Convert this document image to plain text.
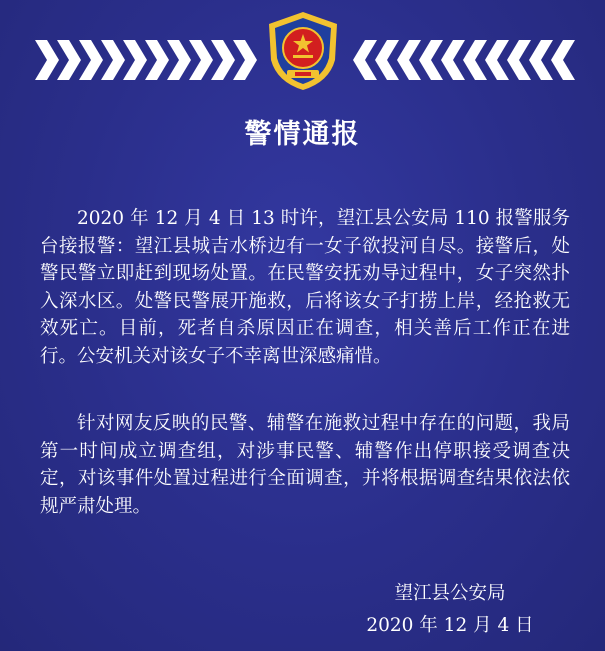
警情通报

2020 年 12 月 4 日 13 时许，望江县公安局 110 报警服务台接报警：望江县城吉水桥边有一女子欲投河自尽。接警后，处警民警立即赶到现场处置。在民警安抚劝导过程中，女子突然扑入深水区。处警民警展开施救，后将该女子打捞上岸，经抢救无效死亡。目前，死者自杀原因正在调查，相关善后工作正在进行。公安机关对该女子不幸离世深感痛惜。

针对网友反映的民警、辅警在施救过程中存在的问题，我局第一时间成立调查组，对涉事民警、辅警作出停职接受调查决定，对该事件处置过程进行全面调查，并将根据调查结果依法依规严肃处理。

望江县公安局
2020 年 12 月 4 日
